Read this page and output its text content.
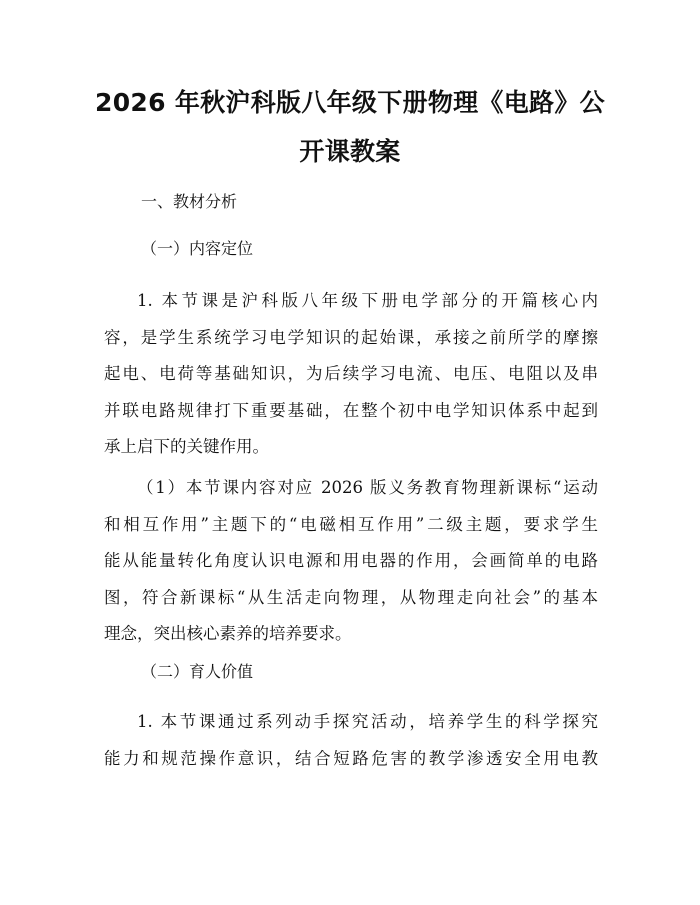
2026 年秋沪科版八年级下册物理《电路》公
开课教案
一、教材分析
（一）内容定位
1. 本节课是沪科版八年级下册电学部分的开篇核心内
容，是学生系统学习电学知识的起始课，承接之前所学的摩擦
起电、电荷等基础知识，为后续学习电流、电压、电阻以及串
并联电路规律打下重要基础，在整个初中电学知识体系中起到
承上启下的关键作用。
（1）本节课内容对应 2026 版义务教育物理新课标“运动
和相互作用”主题下的“电磁相互作用”二级主题，要求学生
能从能量转化角度认识电源和用电器的作用，会画简单的电路
图，符合新课标“从生活走向物理，从物理走向社会”的基本
理念，突出核心素养的培养要求。
（二）育人价值
1. 本节课通过系列动手探究活动，培养学生的科学探究
能力和规范操作意识，结合短路危害的教学渗透安全用电教
